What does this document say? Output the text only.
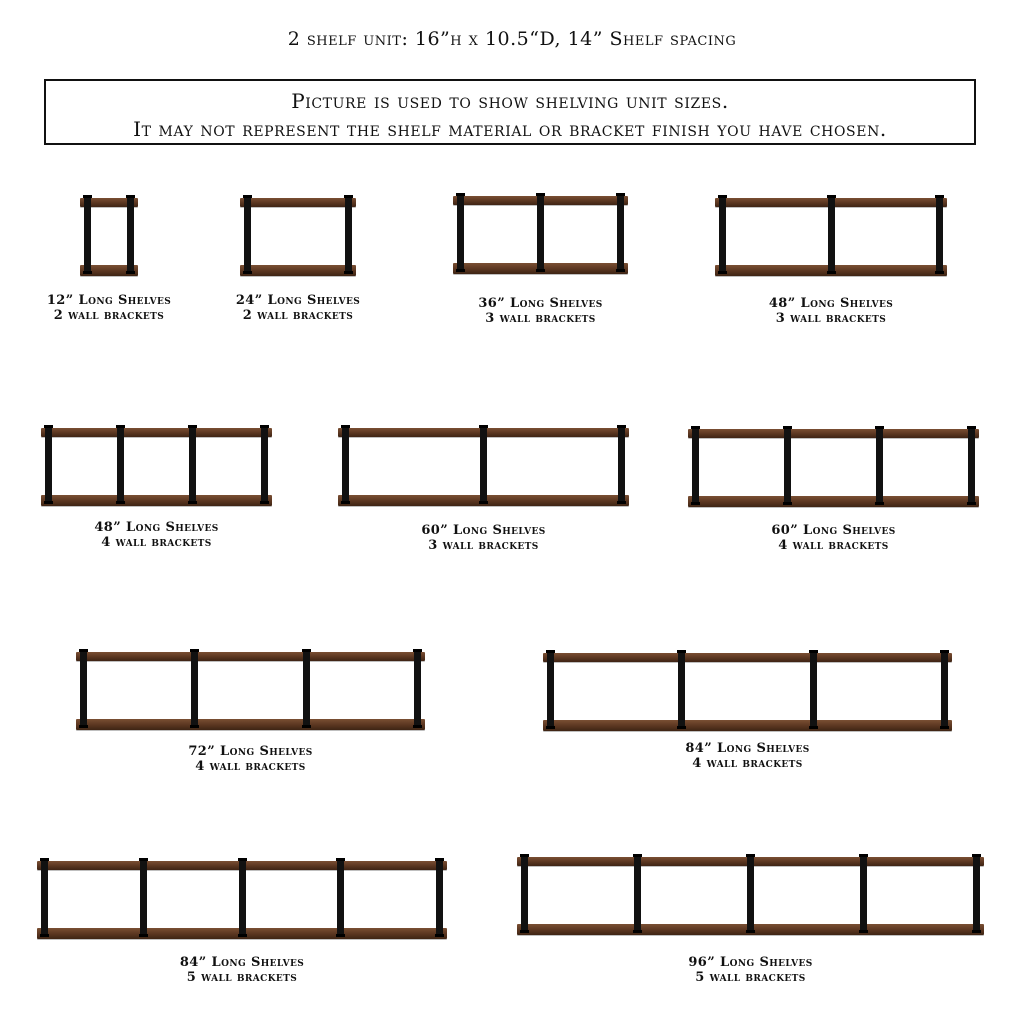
2 shelf unit: 16”h x 10.5“D, 14” Shelf spacing
Picture is used to show shelving unit sizes.
It may not represent the shelf material or bracket finish you have chosen.
12” Long Shelves
2 wall brackets
24” Long Shelves
2 wall brackets
36” Long Shelves
3 wall brackets
48” Long Shelves
3 wall brackets
48” Long Shelves
4 wall brackets
60” Long Shelves
3 wall brackets
60” Long Shelves
4 wall brackets
72” Long Shelves
4 wall brackets
84” Long Shelves
4 wall brackets
84” Long Shelves
5 wall brackets
96” Long Shelves
5 wall brackets
